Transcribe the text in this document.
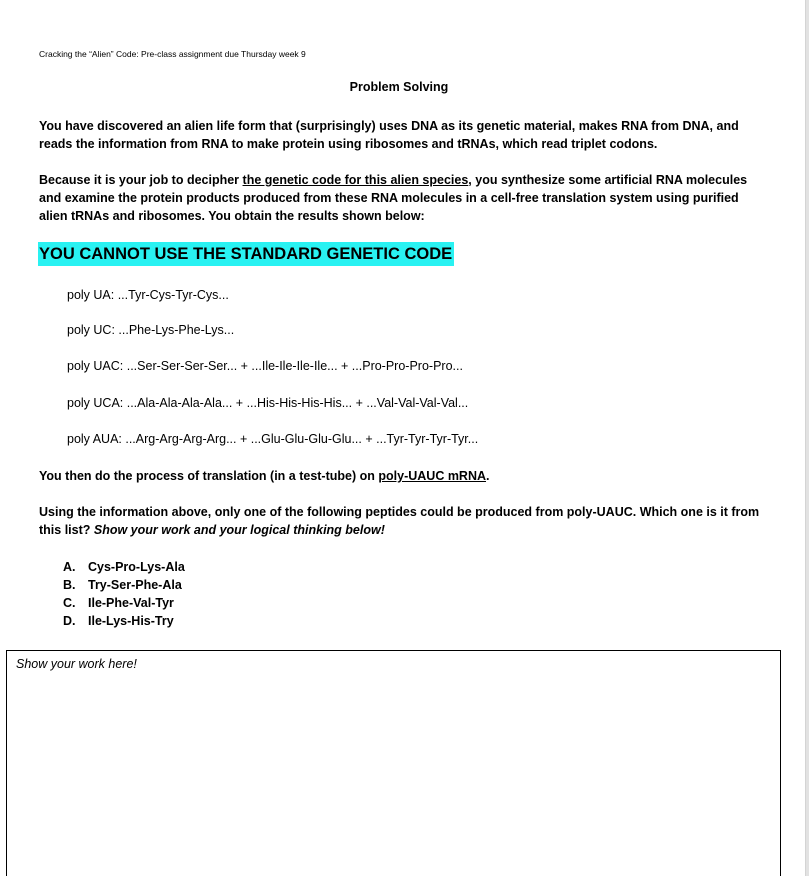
Cracking the “Alien” Code: Pre-class assignment due Thursday week 9
Problem Solving

You have discovered an alien life form that (surprisingly) uses DNA as its genetic material, makes RNA from DNA, and reads the information from RNA to make protein using ribosomes and tRNAs, which read triplet codons.

Because it is your job to decipher the genetic code for this alien species, you synthesize some artificial RNA molecules and examine the protein products produced from these RNA molecules in a cell-free translation system using purified alien tRNAs and ribosomes. You obtain the results shown below:

YOU CANNOT USE THE STANDARD GENETIC CODE
poly UA: ...Tyr-Cys-Tyr-Cys...
poly UC: ...Phe-Lys-Phe-Lys...
poly UAC: ...Ser-Ser-Ser-Ser... + ...Ile-Ile-Ile-Ile... + ...Pro-Pro-Pro-Pro...
poly UCA: ...Ala-Ala-Ala-Ala... + ...His-His-His-His... + ...Val-Val-Val-Val...
poly AUA: ...Arg-Arg-Arg-Arg... + ...Glu-Glu-Glu-Glu... + ...Tyr-Tyr-Tyr-Tyr...

You then do the process of translation (in a test-tube) on poly-UAUC mRNA.

Using the information above, only one of the following peptides could be produced from poly-UAUC. Which one is it from this list? Show your work and your logical thinking below!

A. Cys-Pro-Lys-Ala
B. Try-Ser-Phe-Ala
C. Ile-Phe-Val-Tyr
D. Ile-Lys-His-Try
Show your work here!
